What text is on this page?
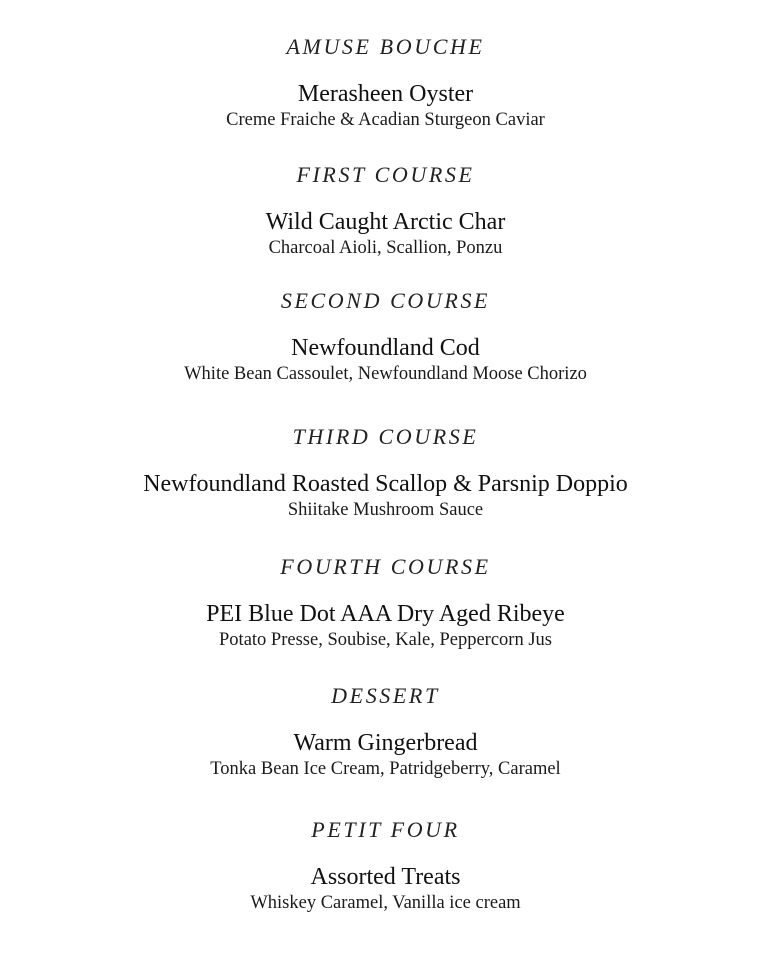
AMUSE BOUCHE
Merasheen Oyster
Creme Fraiche & Acadian Sturgeon Caviar
FIRST COURSE
Wild Caught Arctic Char
Charcoal Aioli, Scallion, Ponzu
SECOND COURSE
Newfoundland Cod
White Bean Cassoulet, Newfoundland Moose Chorizo
THIRD COURSE
Newfoundland Roasted Scallop & Parsnip Doppio
Shiitake Mushroom Sauce
FOURTH COURSE
PEI Blue Dot AAA Dry Aged Ribeye
Potato Presse, Soubise, Kale, Peppercorn Jus
DESSERT
Warm Gingerbread
Tonka Bean Ice Cream, Patridgeberry, Caramel
PETIT FOUR
Assorted Treats
Whiskey Caramel, Vanilla ice cream
